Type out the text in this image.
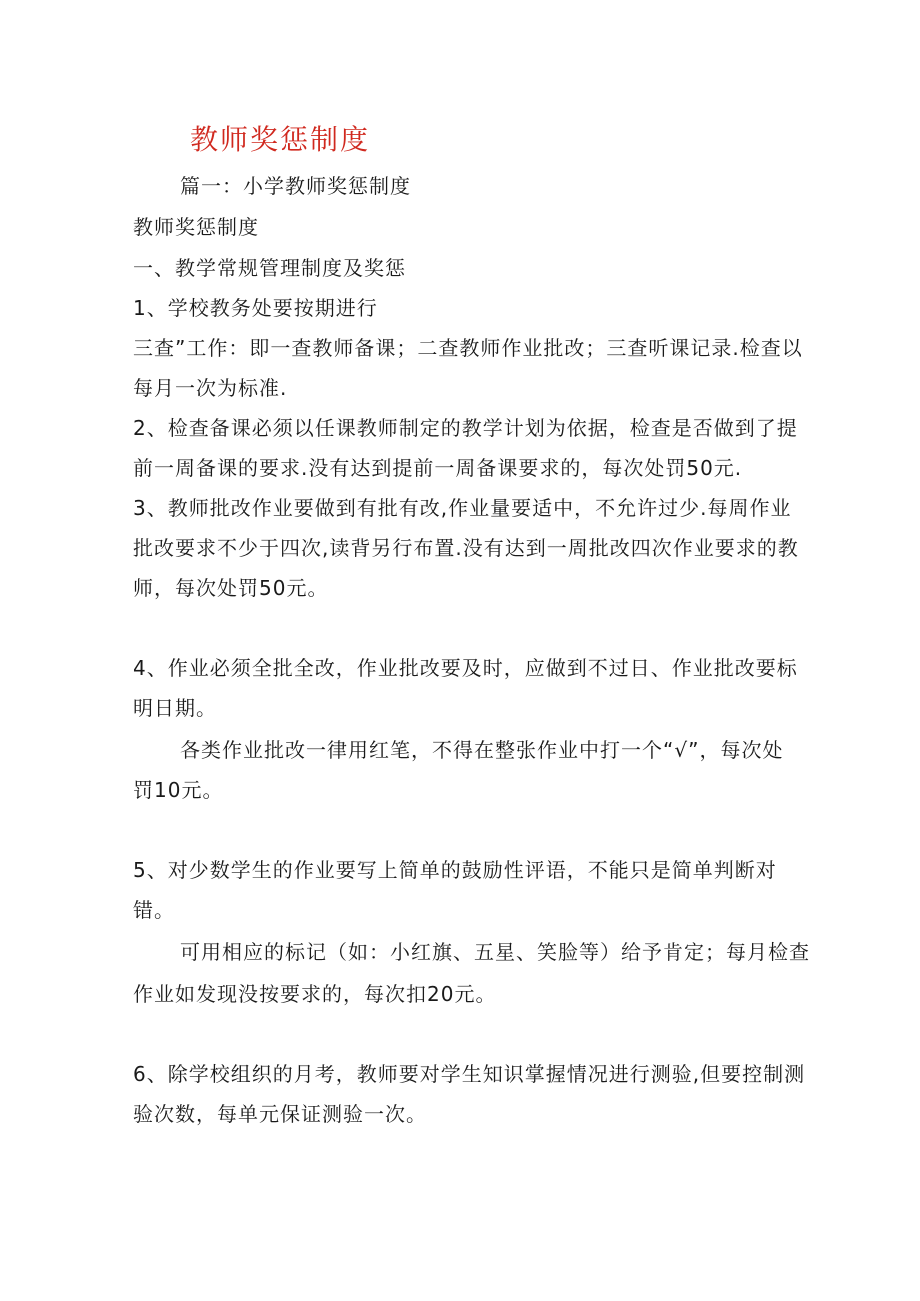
教师奖惩制度
篇一：小学教师奖惩制度
教师奖惩制度
一、教学常规管理制度及奖惩
1、学校教务处要按期进行
三查”工作：即一查教师备课；二查教师作业批改；三查听课记录.检查以
每月一次为标准.
2、检查备课必须以任课教师制定的教学计划为依据，检查是否做到了提
前一周备课的要求.没有达到提前一周备课要求的，每次处罚50元.
3、教师批改作业要做到有批有改,作业量要适中，不允许过少.每周作业
批改要求不少于四次,读背另行布置.没有达到一周批改四次作业要求的教
师，每次处罚50元。
4、作业必须全批全改，作业批改要及时，应做到不过日、作业批改要标
明日期。
各类作业批改一律用红笔，不得在整张作业中打一个“√”，每次处
罚10元。
5、对少数学生的作业要写上简单的鼓励性评语，不能只是简单判断对
错。
可用相应的标记（如：小红旗、五星、笑脸等）给予肯定；每月检查
作业如发现没按要求的，每次扣20元。
6、除学校组织的月考，教师要对学生知识掌握情况进行测验,但要控制测
验次数，每单元保证测验一次。
